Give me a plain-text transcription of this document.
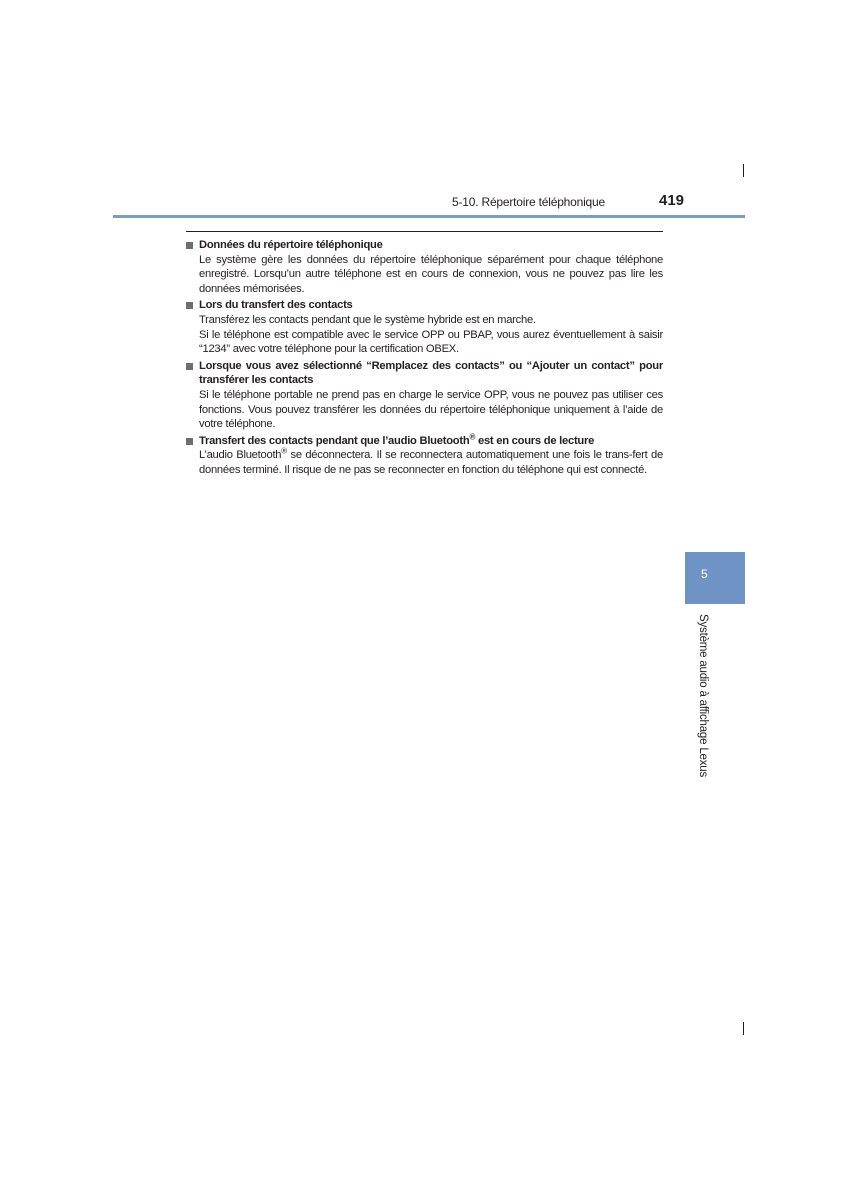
5-10. Répertoire téléphonique	419
Données du répertoire téléphonique

Le système gère les données du répertoire téléphonique séparément pour chaque téléphone enregistré. Lorsqu’un autre téléphone est en cours de connexion, vous ne pouvez pas lire les données mémorisées.

Lors du transfert des contacts

Transférez les contacts pendant que le système hybride est en marche.

Si le téléphone est compatible avec le service OPP ou PBAP, vous aurez éventuellement à saisir “1234” avec votre téléphone pour la certification OBEX.

Lorsque vous avez sélectionné “Remplacez des contacts” ou “Ajouter un contact” pour transférer les contacts

Si le téléphone portable ne prend pas en charge le service OPP, vous ne pouvez pas utiliser ces fonctions. Vous pouvez transférer les données du répertoire téléphonique uniquement à l’aide de votre téléphone.

Transfert des contacts pendant que l’audio Bluetooth® est en cours de lecture

L’audio Bluetooth® se déconnectera. Il se reconnectera automatiquement une fois le trans-fert de données terminé. Il risque de ne pas se reconnecter en fonction du téléphone qui est connecté.

5
Système audio à affichage Lexus
